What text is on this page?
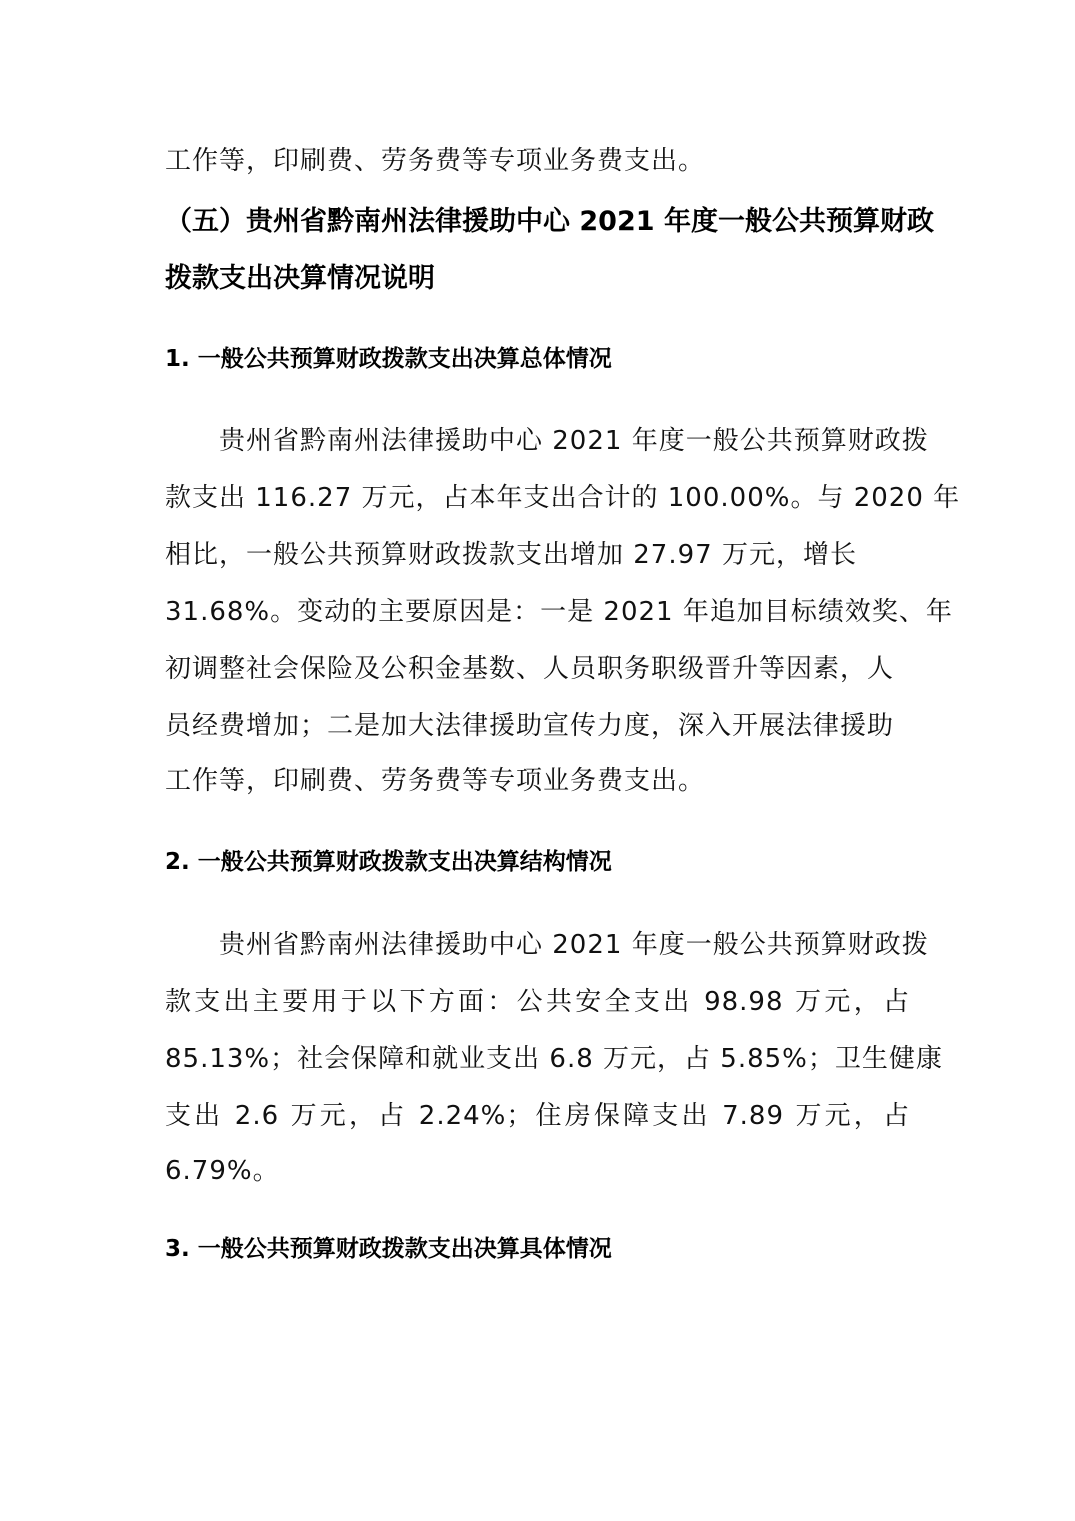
工作等，印刷费、劳务费等专项业务费支出。
（五）贵州省黔南州法律援助中心 2021 年度一般公共预算财政
拨款支出决算情况说明
1. 一般公共预算财政拨款支出决算总体情况
　　贵州省黔南州法律援助中心 2021 年度一般公共预算财政拨
款支出 116.27 万元，占本年支出合计的 100.00%。与 2020 年
相比，一般公共预算财政拨款支出增加 27.97 万元，增长
31.68%。变动的主要原因是：一是 2021 年追加目标绩效奖、年
初调整社会保险及公积金基数、人员职务职级晋升等因素，人
员经费增加；二是加大法律援助宣传力度，深入开展法律援助
工作等，印刷费、劳务费等专项业务费支出。
2. 一般公共预算财政拨款支出决算结构情况
　　贵州省黔南州法律援助中心 2021 年度一般公共预算财政拨
款支出主要用于以下方面：公共安全支出 98.98 万元，占
85.13%；社会保障和就业支出 6.8 万元，占 5.85%；卫生健康
支出 2.6 万元，占 2.24%；住房保障支出 7.89 万元，占
6.79%。
3. 一般公共预算财政拨款支出决算具体情况
